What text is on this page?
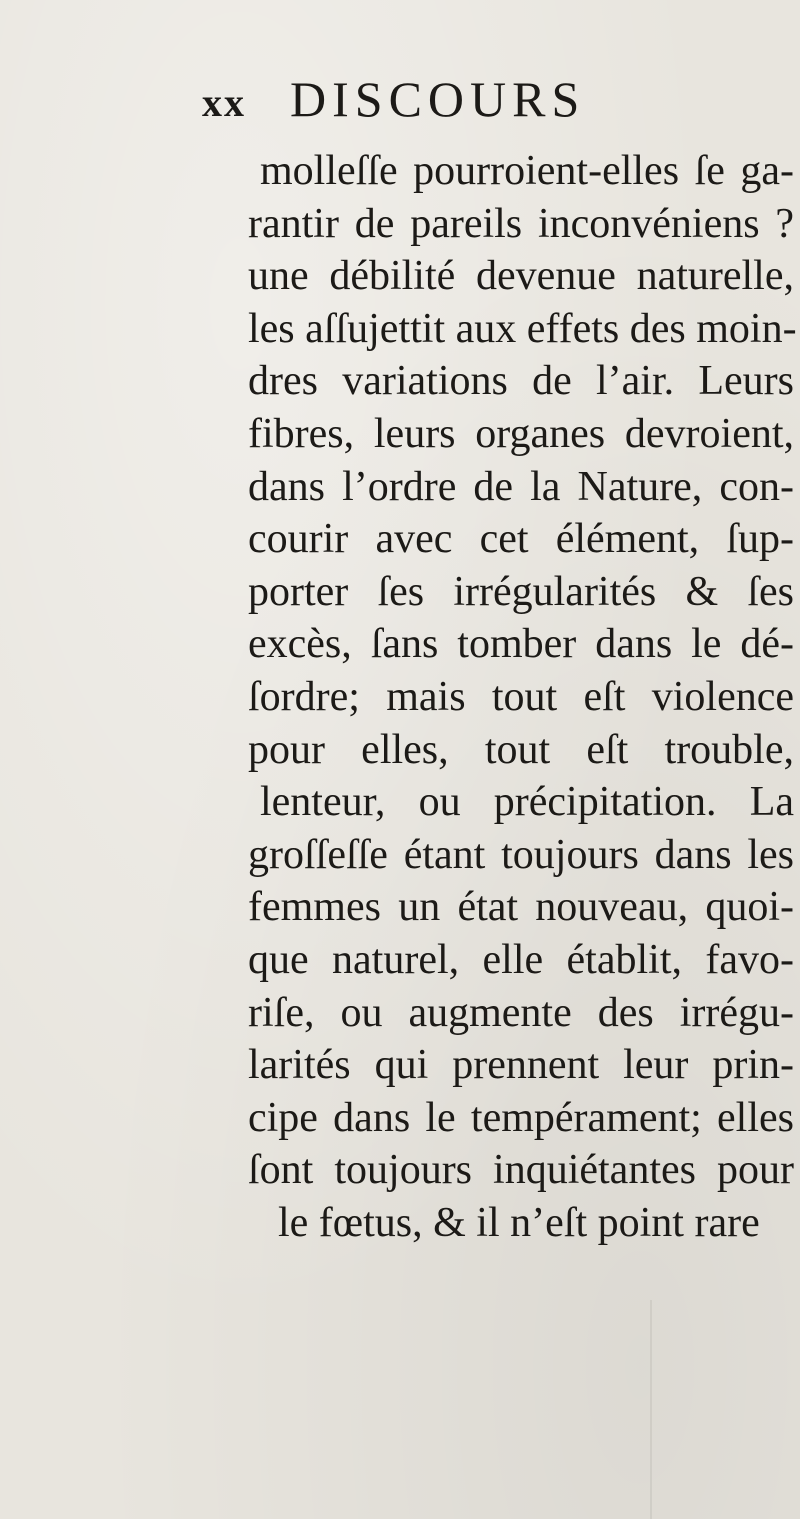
xx DISCOURS
molleſſe pourroient-elles ſe ga-
rantir de pareils inconvéniens ?
une débilité devenue naturelle,
les aſſujettit aux effets des moin-
dres variations de l’air. Leurs
fibres, leurs organes devroient,
dans l’ordre de la Nature, con-
courir avec cet élément, ſup-
porter ſes irrégularités & ſes
excès, ſans tomber dans le dé-
ſordre; mais tout eſt violence
pour elles, tout eſt trouble,
lenteur, ou précipitation. La
groſſeſſe étant toujours dans les
femmes un état nouveau, quoi-
que naturel, elle établit, favo-
riſe, ou augmente des irrégu-
larités qui prennent leur prin-
cipe dans le tempérament; elles
ſont toujours inquiétantes pour
le fœtus, & il n’eſt point rare
